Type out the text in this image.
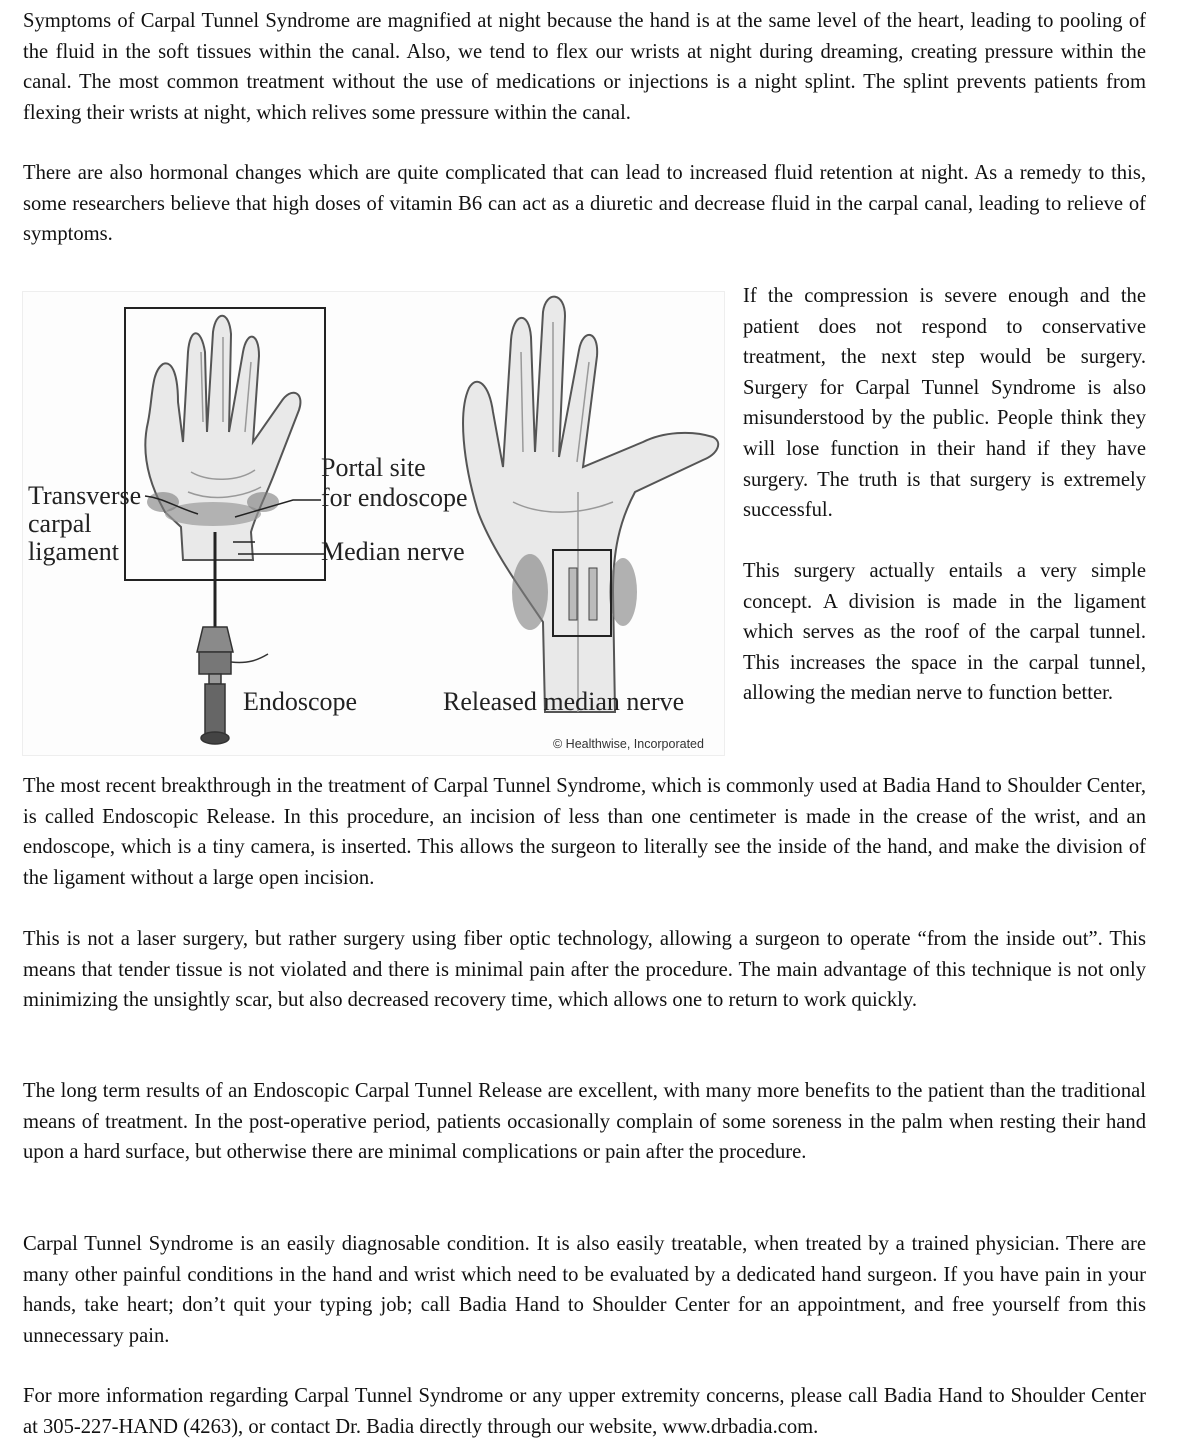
Symptoms of Carpal Tunnel Syndrome are magnified at night because the hand is at the same level of the heart, leading to pooling of the fluid in the soft tissues within the canal. Also, we tend to flex our wrists at night during dreaming, creating pressure within the canal. The most common treatment without the use of medications or injections is a night splint. The splint prevents patients from flexing their wrists at night, which relives some pressure within the canal.

There are also hormonal changes which are quite complicated that can lead to increased fluid retention at night. As a remedy to this, some researchers believe that high doses of vitamin B6 can act as a diuretic and decrease fluid in the carpal canal, leading to relieve of symptoms.

Transverse
carpal
ligament
Portal site
for endoscope
Median nerve
Endoscope	Released median nerve
© Healthwise, Incorporated

If the compression is severe enough and the patient does not respond to conservative treatment, the next step would be surgery. Surgery for Carpal Tunnel Syndrome is also misunderstood by the public. People think they will lose function in their hand if they have surgery. The truth is that surgery is extremely successful.

This surgery actually entails a very simple concept. A division is made in the ligament which serves as the roof of the carpal tunnel. This increases the space in the carpal tunnel, allowing the median nerve to function better.

The most recent breakthrough in the treatment of Carpal Tunnel Syndrome, which is commonly used at Badia Hand to Shoulder Center, is called Endoscopic Release. In this procedure, an incision of less than one centimeter is made in the crease of the wrist, and an endoscope, which is a tiny camera, is inserted. This allows the surgeon to literally see the inside of the hand, and make the division of the ligament without a large open incision.

This is not a laser surgery, but rather surgery using fiber optic technology, allowing a surgeon to operate “from the inside out”. This means that tender tissue is not violated and there is minimal pain after the procedure. The main advantage of this technique is not only minimizing the unsightly scar, but also decreased recovery time, which allows one to return to work quickly.

The long term results of an Endoscopic Carpal Tunnel Release are excellent, with many more benefits to the patient than the traditional means of treatment. In the post-operative period, patients occasionally complain of some soreness in the palm when resting their hand upon a hard surface, but otherwise there are minimal complications or pain after the procedure.

Carpal Tunnel Syndrome is an easily diagnosable condition. It is also easily treatable, when treated by a trained physician. There are many other painful conditions in the hand and wrist which need to be evaluated by a dedicated hand surgeon. If you have pain in your hands, take heart; don’t quit your typing job; call Badia Hand to Shoulder Center for an appointment, and free yourself from this unnecessary pain.

For more information regarding Carpal Tunnel Syndrome or any upper extremity concerns, please call Badia Hand to Shoulder Center at 305-227-HAND (4263), or contact Dr. Badia directly through our website, www.drbadia.com.
